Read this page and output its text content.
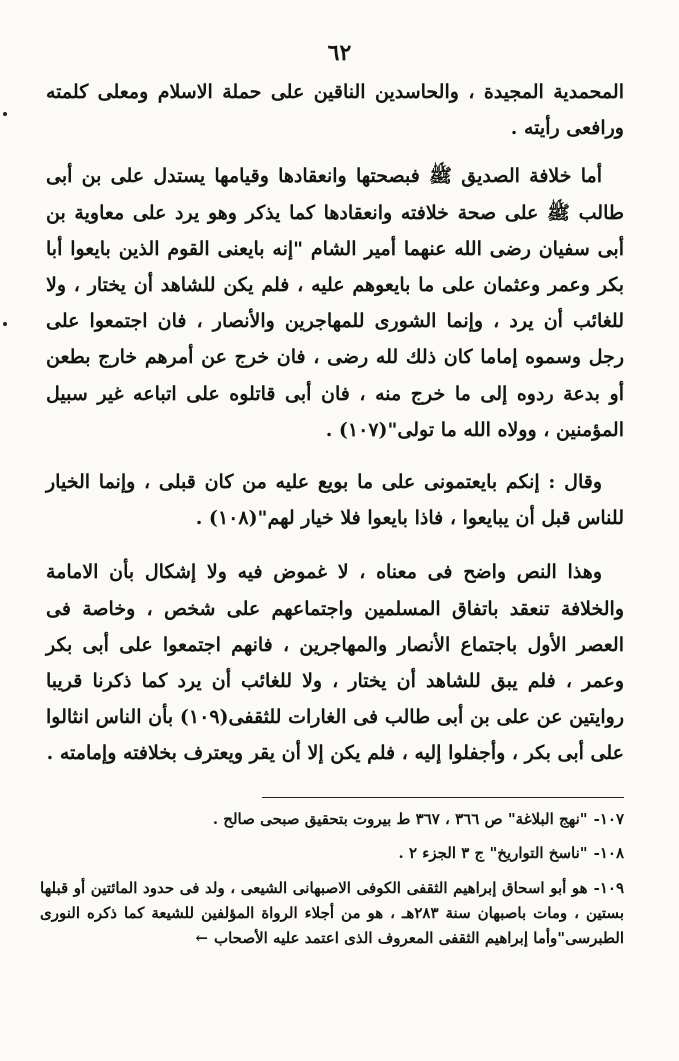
٦٢

المحمدية المجيدة ، والحاسدين الناقين على حملة الاسلام ومعلى كلمته ورافعى رأيته .

أما خلافة الصديق ﷺ فبصحتها وانعقادها وقيامها يستدل على بن أبى طالب ﷺ على صحة خلافته وانعقادها كما يذكر وهو يرد على معاوية بن أبى سفيان رضى الله عنهما أمير الشام "إنه بايعنى القوم الذين بايعوا أبا بكر وعمر وعثمان على ما بايعوهم عليه ، فلم يكن للشاهد أن يختار ، ولا للغائب أن يرد ، وإنما الشورى للمهاجرين والأنصار ، فان اجتمعوا على رجل وسموه إماما كان ذلك لله رضى ، فان خرج عن أمرهم خارج بطعن أو بدعة ردوه إلى ما خرج منه ، فان أبى قاتلوه على اتباعه غير سبيل المؤمنين ، وولاه الله ما تولى"(١٠٧) .

وقال : إنكم بايعتمونى على ما بويع عليه من كان قبلى ، وإنما الخيار للناس قبل أن يبايعوا ، فاذا بايعوا فلا خيار لهم"(١٠٨) .

وهذا النص واضح فى معناه ، لا غموض فيه ولا إشكال بأن الامامة والخلافة تنعقد باتفاق المسلمين واجتماعهم على شخص ، وخاصة فى العصر الأول باجتماع الأنصار والمهاجرين ، فانهم اجتمعوا على أبى بكر وعمر ، فلم يبق للشاهد أن يختار ، ولا للغائب أن يرد كما ذكرنا قريبا روايتين عن على بن أبى طالب فى الغارات للثقفى(١٠٩) بأن الناس انثالوا على أبى بكر ، وأجفلوا إليه ، فلم يكن إلا أن يقر ويعترف بخلافته وإمامته .

١٠٧-"نهج البلاغة" ص ٣٦٦ ، ٣٦٧ ط بيروت بتحقيق صبحى صالح .

١٠٨-"ناسخ التواريخ" ج ٣ الجزء ٢ .

١٠٩-هو أبو اسحاق إبراهيم الثقفى الكوفى الاصبهانى الشيعى ، ولد فى حدود المائتين أو قبلها بستين ، ومات باصبهان سنة ٢٨٣هـ ، هو من أجلاء الرواة المؤلفين للشيعة كما ذكره النورى الطبرسى"وأما إبراهيم الثقفى المعروف الذى اعتمد عليه الأصحاب←
